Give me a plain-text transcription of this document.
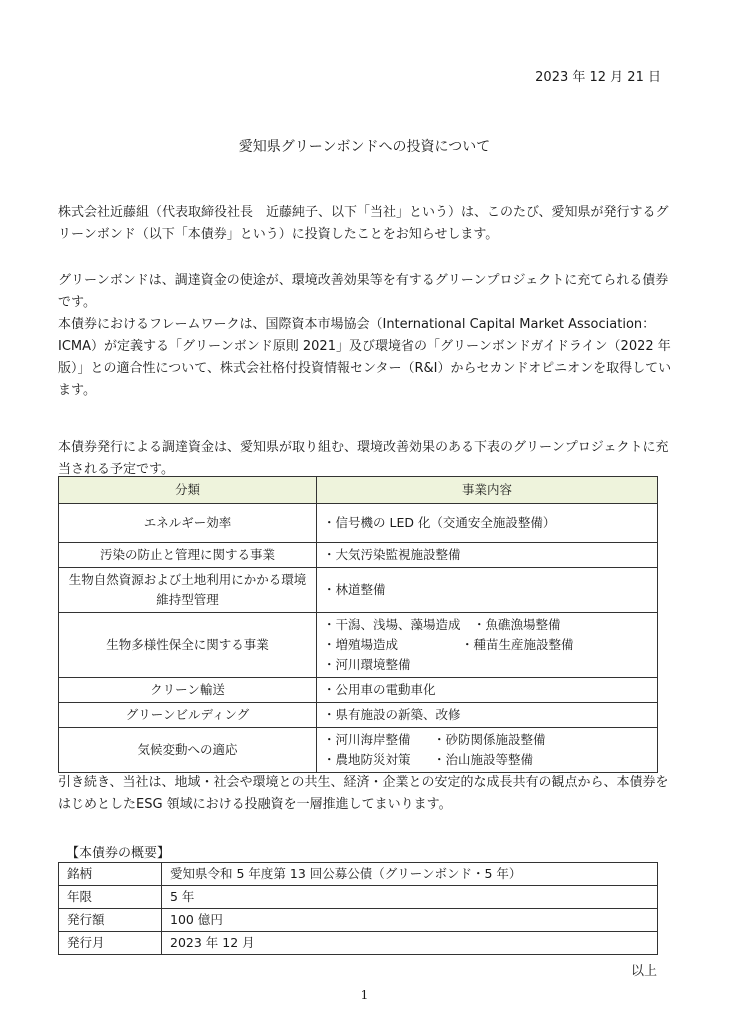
2023 年 12 月 21 日
愛知県グリーンボンドへの投資について

株式会社近藤組（代表取締役社長　近藤純子、以下「当社」という）は、このたび、愛知県が発行するグリーンボンド（以下「本債券」という）に投資したことをお知らせします。

グリーンボンドは、調達資金の使途が、環境改善効果等を有するグリーンプロジェクトに充てられる債券です。
本債券におけるフレームワークは、国際資本市場協会（International Capital Market Association：ICMA）が定義する「グリーンボンド原則 2021」及び環境省の「グリーンボンドガイドライン（2022 年版）」との適合性について、株式会社格付投資情報センター（R&I）からセカンドオピニオンを取得しています。

本債券発行による調達資金は、愛知県が取り組む、環境改善効果のある下表のグリーンプロジェクトに充当される予定です。

分類	事業内容
エネルギー効率	・信号機の LED 化（交通安全施設整備）

汚染の防止と管理に関する事業	・大気汚染監視施設整備

生物自然資源および土地利用にかかる環境維持型管理	・林道整備

生物多様性保全に関する事業	・干潟、浅場、藻場造成 ・魚礁漁場整備
・増殖場造成 ・種苗生産施設整備
・河川環境整備

クリーン輸送	・公用車の電動車化

グリーンビルディング	・県有施設の新築、改修

気候変動への適応	・河川海岸整備 ・砂防関係施設整備
・農地防災対策 ・治山施設等整備

引き続き、当社は、地域・社会や環境との共生、経済・企業との安定的な成長共有の観点から、本債券をはじめとしたESG 領域における投融資を一層推進してまいります。

【本債券の概要】
銘柄	愛知県令和 5 年度第 13 回公募公債（グリーンボンド・5 年）
年限	5 年
発行額	100 億円
発行月	2023 年 12 月
以上
1
